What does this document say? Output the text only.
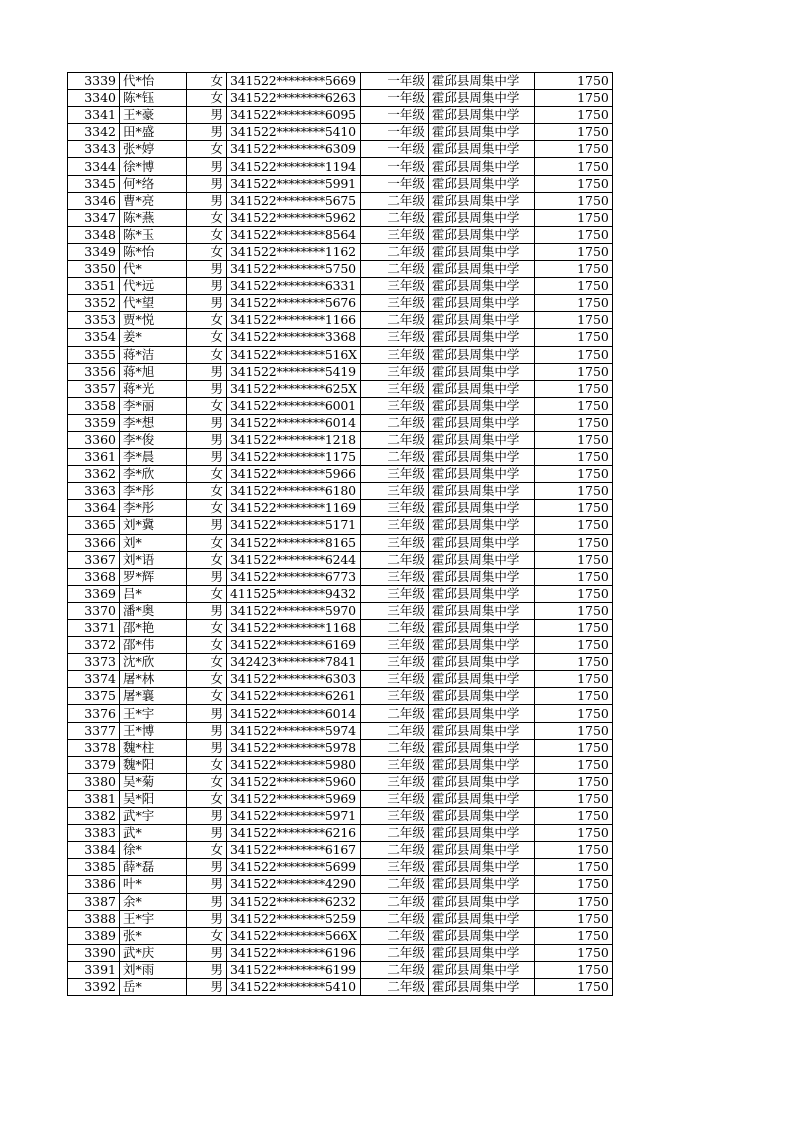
3339	代*怡	女	341522********5669	一年级	霍邱县周集中学	1750
3340	陈*钰	女	341522********6263	一年级	霍邱县周集中学	1750
3341	王*豪	男	341522********6095	一年级	霍邱县周集中学	1750
3342	田*盛	男	341522********5410	一年级	霍邱县周集中学	1750
3343	张*婷	女	341522********6309	一年级	霍邱县周集中学	1750
3344	徐*博	男	341522********1194	一年级	霍邱县周集中学	1750
3345	何*络	男	341522********5991	一年级	霍邱县周集中学	1750
3346	曹*亮	男	341522********5675	二年级	霍邱县周集中学	1750
3347	陈*燕	女	341522********5962	二年级	霍邱县周集中学	1750
3348	陈*玉	女	341522********8564	三年级	霍邱县周集中学	1750
3349	陈*怡	女	341522********1162	二年级	霍邱县周集中学	1750
3350	代*	男	341522********5750	二年级	霍邱县周集中学	1750
3351	代*远	男	341522********6331	三年级	霍邱县周集中学	1750
3352	代*望	男	341522********5676	三年级	霍邱县周集中学	1750
3353	贾*悦	女	341522********1166	二年级	霍邱县周集中学	1750
3354	姜*	女	341522********3368	三年级	霍邱县周集中学	1750
3355	蒋*洁	女	341522********516X	三年级	霍邱县周集中学	1750
3356	蒋*旭	男	341522********5419	三年级	霍邱县周集中学	1750
3357	蒋*光	男	341522********625X	三年级	霍邱县周集中学	1750
3358	李*丽	女	341522********6001	三年级	霍邱县周集中学	1750
3359	李*想	男	341522********6014	二年级	霍邱县周集中学	1750
3360	李*俊	男	341522********1218	二年级	霍邱县周集中学	1750
3361	李*晨	男	341522********1175	二年级	霍邱县周集中学	1750
3362	李*欣	女	341522********5966	三年级	霍邱县周集中学	1750
3363	李*彤	女	341522********6180	三年级	霍邱县周集中学	1750
3364	李*彤	女	341522********1169	三年级	霍邱县周集中学	1750
3365	刘*冀	男	341522********5171	三年级	霍邱县周集中学	1750
3366	刘*	女	341522********8165	三年级	霍邱县周集中学	1750
3367	刘*语	女	341522********6244	二年级	霍邱县周集中学	1750
3368	罗*辉	男	341522********6773	三年级	霍邱县周集中学	1750
3369	吕*	女	411525********9432	三年级	霍邱县周集中学	1750
3370	潘*奥	男	341522********5970	三年级	霍邱县周集中学	1750
3371	邵*艳	女	341522********1168	二年级	霍邱县周集中学	1750
3372	邵*伟	女	341522********6169	三年级	霍邱县周集中学	1750
3373	沈*欣	女	342423********7841	三年级	霍邱县周集中学	1750
3374	屠*林	女	341522********6303	三年级	霍邱县周集中学	1750
3375	屠*襄	女	341522********6261	三年级	霍邱县周集中学	1750
3376	王*宇	男	341522********6014	二年级	霍邱县周集中学	1750
3377	王*博	男	341522********5974	二年级	霍邱县周集中学	1750
3378	魏*柱	男	341522********5978	二年级	霍邱县周集中学	1750
3379	魏*阳	女	341522********5980	三年级	霍邱县周集中学	1750
3380	吴*菊	女	341522********5960	三年级	霍邱县周集中学	1750
3381	吴*阳	女	341522********5969	三年级	霍邱县周集中学	1750
3382	武*宇	男	341522********5971	三年级	霍邱县周集中学	1750
3383	武*	男	341522********6216	二年级	霍邱县周集中学	1750
3384	徐*	女	341522********6167	二年级	霍邱县周集中学	1750
3385	薛*磊	男	341522********5699	三年级	霍邱县周集中学	1750
3386	叶*	男	341522********4290	二年级	霍邱县周集中学	1750
3387	余*	男	341522********6232	二年级	霍邱县周集中学	1750
3388	王*宇	男	341522********5259	二年级	霍邱县周集中学	1750
3389	张*	女	341522********566X	二年级	霍邱县周集中学	1750
3390	武*庆	男	341522********6196	二年级	霍邱县周集中学	1750
3391	刘*雨	男	341522********6199	二年级	霍邱县周集中学	1750
3392	岳*	男	341522********5410	二年级	霍邱县周集中学	1750
